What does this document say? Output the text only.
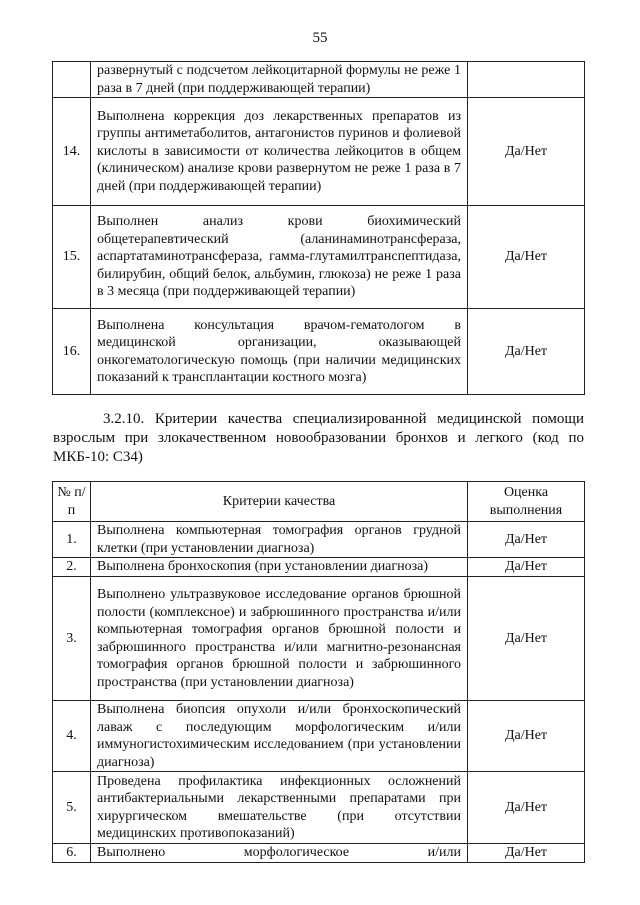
55
	развернутый с подсчетом лейкоцитарной формулы не реже 1 раза в 7 дней (при поддерживающей терапии)	
14.	Выполнена коррекция доз лекарственных препаратов из группы антиметаболитов, антагонистов пуринов и фолиевой кислоты в зависимости от количества лейкоцитов в общем (клиническом) анализе крови развернутом не реже 1 раза в 7 дней (при поддерживающей терапии)	Да/Нет
15.	Выполнен анализ крови биохимический общетерапевтический (аланинаминотрансфераза, аспартатаминотрансфераза, гамма-глутамилтранспептидаза, билирубин, общий белок, альбумин, глюкоза) не реже 1 раза в 3 месяца (при поддерживающей терапии)	Да/Нет
16.	Выполнена консультация врачом-гематологом в медицинской организации, оказывающей онкогематологическую помощь (при наличии медицинских показаний к трансплантации костного мозга)	Да/Нет
3.2.10. Критерии качества специализированной медицинской помощи взрослым при злокачественном новообразовании бронхов и легкого (код по МКБ-10: C34)
№ п/п	Критерии качества	Оценка выполнения
1.	Выполнена компьютерная томография органов грудной клетки (при установлении диагноза)	Да/Нет
2.	Выполнена бронхоскопия (при установлении диагноза)	Да/Нет
3.	Выполнено ультразвуковое исследование органов брюшной полости (комплексное) и забрюшинного пространства и/или компьютерная томография органов брюшной полости и забрюшинного пространства и/или магнитно-резонансная томография органов брюшной полости и забрюшинного пространства (при установлении диагноза)	Да/Нет
4.	Выполнена биопсия опухоли и/или бронхоскопический лаваж с последующим морфологическим и/или иммуногистохимическим исследованием (при установлении диагноза)	Да/Нет
5.	Проведена профилактика инфекционных осложнений антибактериальными лекарственными препаратами при хирургическом вмешательстве (при отсутствии медицинских противопоказаний)	Да/Нет
6.	Выполнено морфологическое и/или	Да/Нет
